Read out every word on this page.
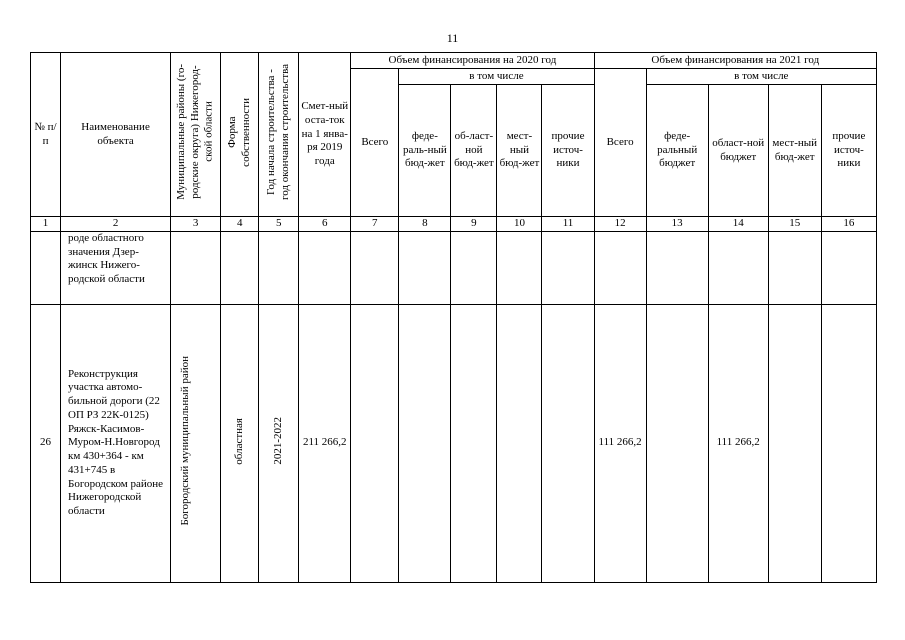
11
№ п/п	Наименование объекта	Муниципальные районы (го- родские округа) Нижегород- ской области	Форма собственности	Год начала строительства - год окончания строительства	Смет-ный оста-ток на 1 янва-ря 2019 года	Объем финансирования на 2020 год					Объем финансирования на 2021 год				
						Всего	в том числе				Всего	в том числе			
							феде-раль-ный бюд-жет	об-ласт-ной бюд-жет	мест-ный бюд-жет	прочие источ-ники		феде-ральный бюджет	област-ной бюджет	мест-ный бюд-жет	прочие источ-ники
1	2	3	4	5	6	7	8	9	10	11	12	13	14	15	16
	роде областного значения Дзер-жинск Нижего-родской области														
26	Реконструкция участка автомо-бильной дороги (22 ОП РЗ 22К-0125) Ряжск-Касимов-Муром-Н.Новгород км 430+364 - км 431+745 в Богородском районе Нижегородской области	Богородский муниципальный район	областная	2021-2022	211 266,2						111 266,2		111 266,2		
